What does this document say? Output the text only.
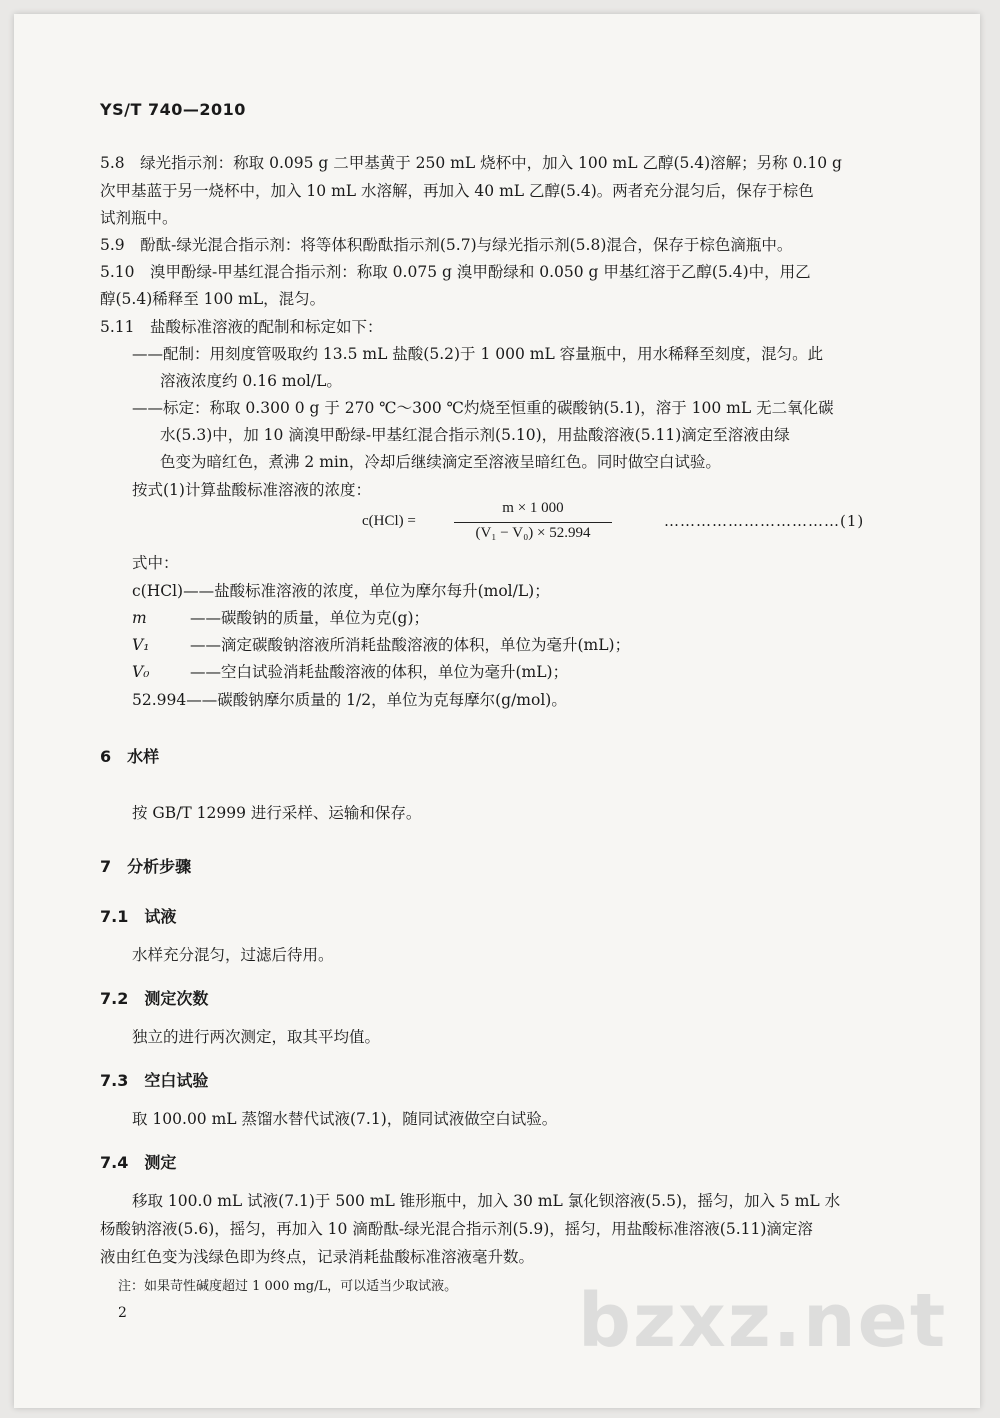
YS/T 740—2010
5.8　绿光指示剂：称取 0.095 g 二甲基黄于 250 mL 烧杯中，加入 100 mL 乙醇(5.4)溶解；另称 0.10 g
次甲基蓝于另一烧杯中，加入 10 mL 水溶解，再加入 40 mL 乙醇(5.4)。两者充分混匀后，保存于棕色
试剂瓶中。
5.9　酚酞-绿光混合指示剂：将等体积酚酞指示剂(5.7)与绿光指示剂(5.8)混合，保存于棕色滴瓶中。
5.10　溴甲酚绿-甲基红混合指示剂：称取 0.075 g 溴甲酚绿和 0.050 g 甲基红溶于乙醇(5.4)中，用乙
醇(5.4)稀释至 100 mL，混匀。
5.11　盐酸标准溶液的配制和标定如下：
——配制：用刻度管吸取约 13.5 mL 盐酸(5.2)于 1 000 mL 容量瓶中，用水稀释至刻度，混匀。此
溶液浓度约 0.16 mol/L。
——标定：称取 0.300 0 g 于 270 ℃～300 ℃灼烧至恒重的碳酸钠(5.1)，溶于 100 mL 无二氧化碳
水(5.3)中，加 10 滴溴甲酚绿-甲基红混合指示剂(5.10)，用盐酸溶液(5.11)滴定至溶液由绿
色变为暗红色，煮沸 2 min，冷却后继续滴定至溶液呈暗红色。同时做空白试验。
按式(1)计算盐酸标准溶液的浓度：
c(HCl) =
m × 1 000
(V₁ − V₀) × 52.994
……………………………(1)
式中：
c(HCl)——盐酸标准溶液的浓度，单位为摩尔每升(mol/L)；
m	——碳酸钠的质量，单位为克(g)；
V₁	——滴定碳酸钠溶液所消耗盐酸溶液的体积，单位为毫升(mL)；
V₀	——空白试验消耗盐酸溶液的体积，单位为毫升(mL)；
52.994——碳酸钠摩尔质量的 1/2，单位为克每摩尔(g/mol)。
6　水样
按 GB/T 12999 进行采样、运输和保存。
7　分析步骤
7.1　试液
水样充分混匀，过滤后待用。
7.2　测定次数
独立的进行两次测定，取其平均值。
7.3　空白试验
取 100.00 mL 蒸馏水替代试液(7.1)，随同试液做空白试验。
7.4　测定
移取 100.0 mL 试液(7.1)于 500 mL 锥形瓶中，加入 30 mL 氯化钡溶液(5.5)，摇匀，加入 5 mL 水
杨酸钠溶液(5.6)，摇匀，再加入 10 滴酚酞-绿光混合指示剂(5.9)，摇匀，用盐酸标准溶液(5.11)滴定溶
液由红色变为浅绿色即为终点，记录消耗盐酸标准溶液毫升数。
注：如果苛性碱度超过 1 000 mg/L，可以适当少取试液。
2	bzxz.net
